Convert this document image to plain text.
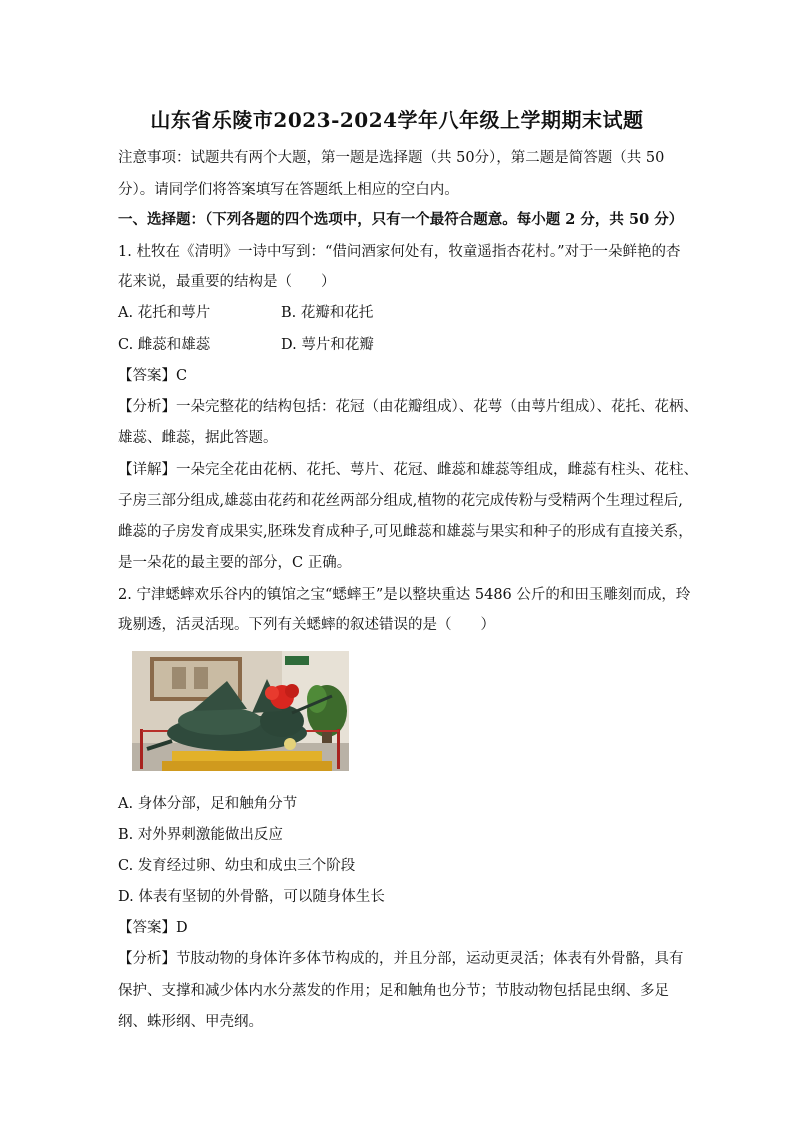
山东省乐陵市2023-2024学年八年级上学期期末试题
注意事项：试题共有两个大题，第一题是选择题（共 50分），第二题是简答题（共 50
分）。请同学们将答案填写在答题纸上相应的空白内。
一、选择题：（下列各题的四个选项中，只有一个最符合题意。每小题 2 分，共 50 分）
1. 杜牧在《清明》一诗中写到：“借问酒家何处有，牧童遥指杏花村。”对于一朵鲜艳的杏
花来说，最重要的结构是（　　）
A. 花托和萼片	B. 花瓣和花托
C. 雌蕊和雄蕊	D. 萼片和花瓣
【答案】C
【分析】一朵完整花的结构包括：花冠（由花瓣组成）、花萼（由萼片组成）、花托、花柄、
雄蕊、雌蕊，据此答题。
【详解】一朵完全花由花柄、花托、萼片、花冠、雌蕊和雄蕊等组成，雌蕊有柱头、花柱、
子房三部分组成,雄蕊由花药和花丝两部分组成,植物的花完成传粉与受精两个生理过程后,
雌蕊的子房发育成果实,胚珠发育成种子,可见雌蕊和雄蕊与果实和种子的形成有直接关系，
是一朵花的最主要的部分，C 正确。
2. 宁津蟋蟀欢乐谷内的镇馆之宝“蟋蟀王”是以整块重达 5486 公斤的和田玉雕刻而成，玲
珑剔透，活灵活现。下列有关蟋蟀的叙述错误的是（　　）
A. 身体分部，足和触角分节
B. 对外界刺激能做出反应
C. 发育经过卵、幼虫和成虫三个阶段
D. 体表有坚韧的外骨骼，可以随身体生长
【答案】D
【分析】节肢动物的身体许多体节构成的，并且分部，运动更灵活；体表有外骨骼，具有
保护、支撑和减少体内水分蒸发的作用；足和触角也分节；节肢动物包括昆虫纲、多足
纲、蛛形纲、甲壳纲。
